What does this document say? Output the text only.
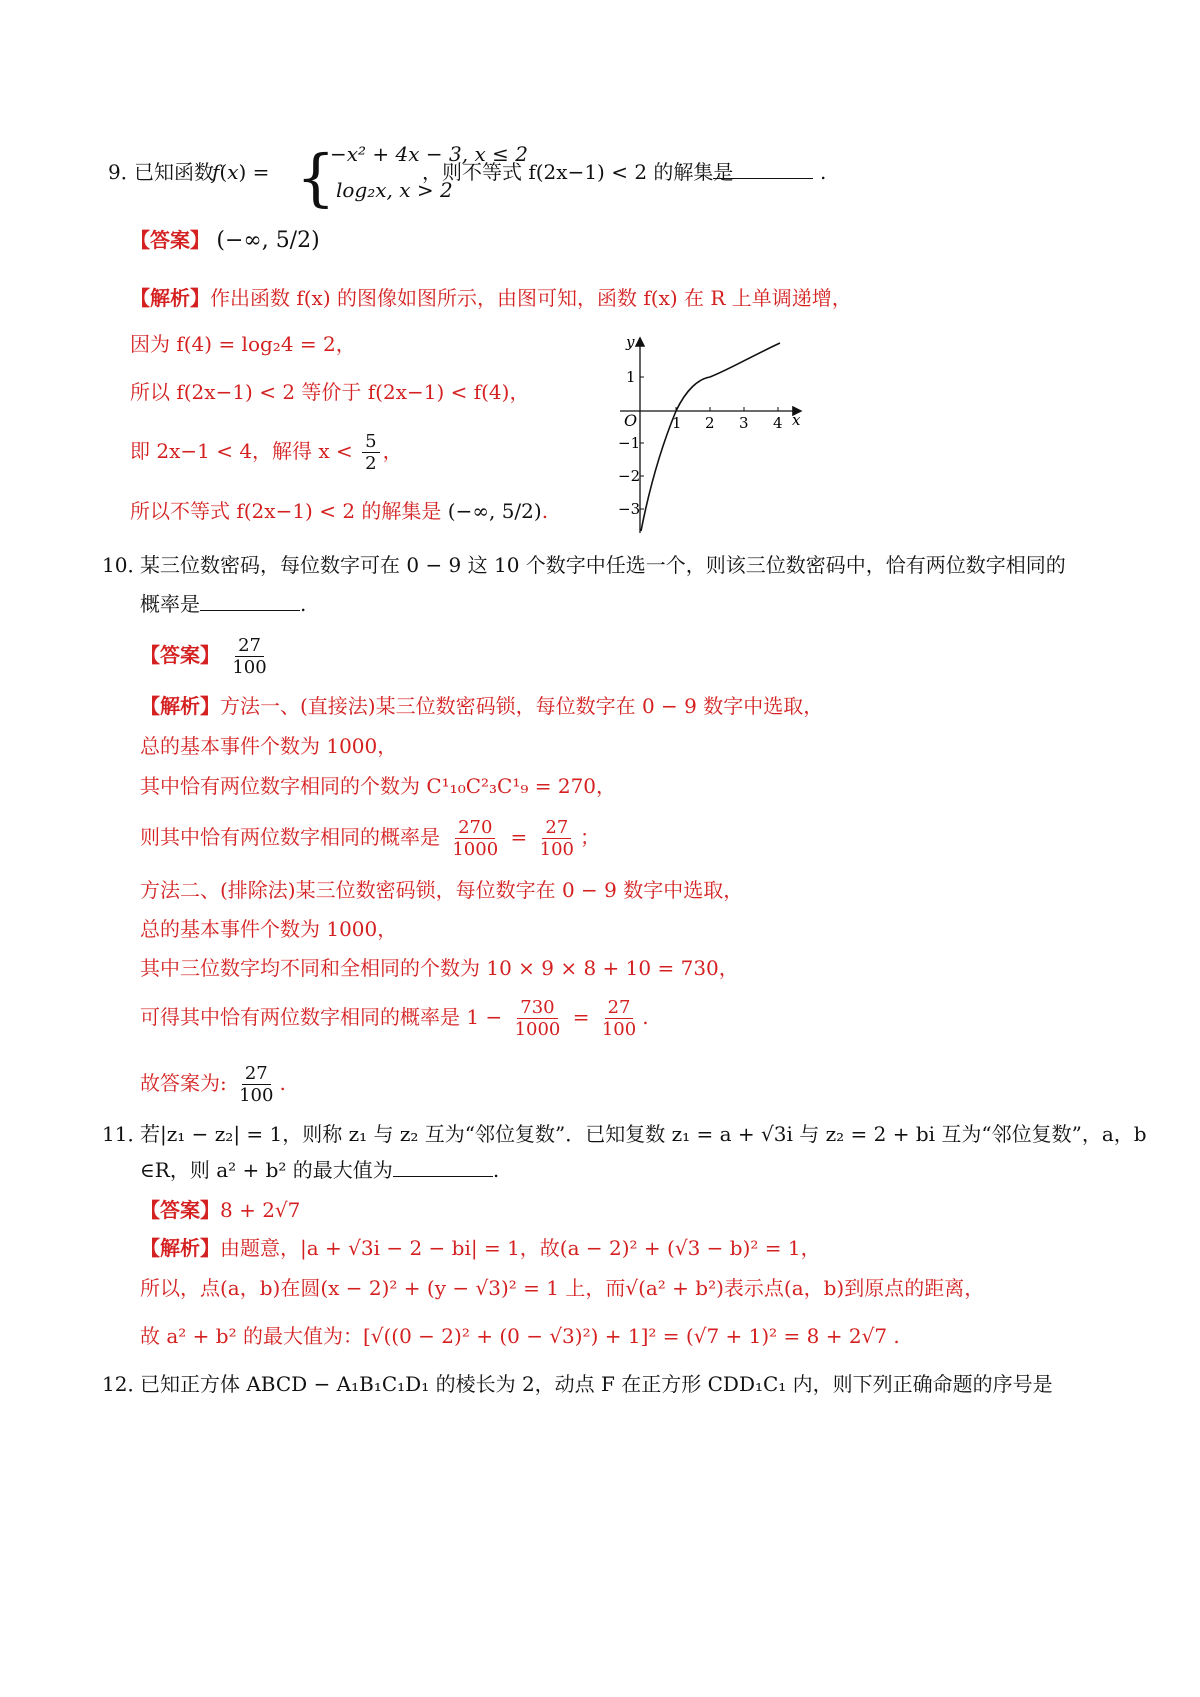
9．
已知函数
f(x) = {
−x² + 4x − 3, x ≤ 2
log₂x, x > 2
，则不等式 f(2x−1) < 2 的解集是	.
【答案】 (−∞, 5/2)
【解析】作出函数 f(x) 的图像如图所示，由图可知，函数 f(x) 在 R 上单调递增，
因为 f(4) = log₂4 = 2，
所以 f(2x−1) < 2 等价于 f(2x−1) < f(4)，
即 2x−1 < 4，解得 $x < \frac{5}{2}$ ，
所以不等式 f(2x−1) < 2 的解集是 (−∞, 5/2).
y
x
O 1 2 3 4
1
−1
−2
−3
10．
某三位数密码，每位数字可在 0 − 9 这 10 个数字中任选一个，则该三位数密码中，恰有两位数字相同的
概率是	.
【答案】 $\frac{27}{100}$
【解析】方法一、(直接法)某三位数密码锁，每位数字在 0 − 9 数字中选取，
总的基本事件个数为 1000，
其中恰有两位数字相同的个数为 C¹₁₀C²₃C¹₉ = 270，
则其中恰有两位数字相同的概率是 $\frac{270}{1000} = \frac{27}{100}$ ；
方法二、(排除法)某三位数密码锁，每位数字在 0 − 9 数字中选取，
总的基本事件个数为 1000，
其中三位数字均不同和全相同的个数为 10 × 9 × 8 + 10 = 730，
可得其中恰有两位数字相同的概率是 $1 - \frac{730}{1000} = \frac{27}{100}$ .
故答案为: $\frac{27}{100}$ .
11．
若|z₁ − z₂| = 1，则称 z₁ 与 z₂ 互为“邻位复数”．已知复数 z₁ = a + √3i 与 z₂ = 2 + bi 互为“邻位复数”，a，b
∈R，则 a² + b² 的最大值为	.
【答案】8 + 2√7
【解析】由题意，|a + √3i − 2 − bi| = 1，故(a − 2)² + (√3 − b)² = 1，
所以，点(a，b)在圆(x − 2)² + (y − √3)² = 1 上，而√(a² + b²)表示点(a，b)到原点的距离，
故 a² + b² 的最大值为：[√((0 − 2)² + (0 − √3)²) + 1]² = (√7 + 1)² = 8 + 2√7 .
12．
已知正方体 ABCD − A₁B₁C₁D₁ 的棱长为 2，动点 F 在正方形 CDD₁C₁ 内，则下列正确命题的序号是
